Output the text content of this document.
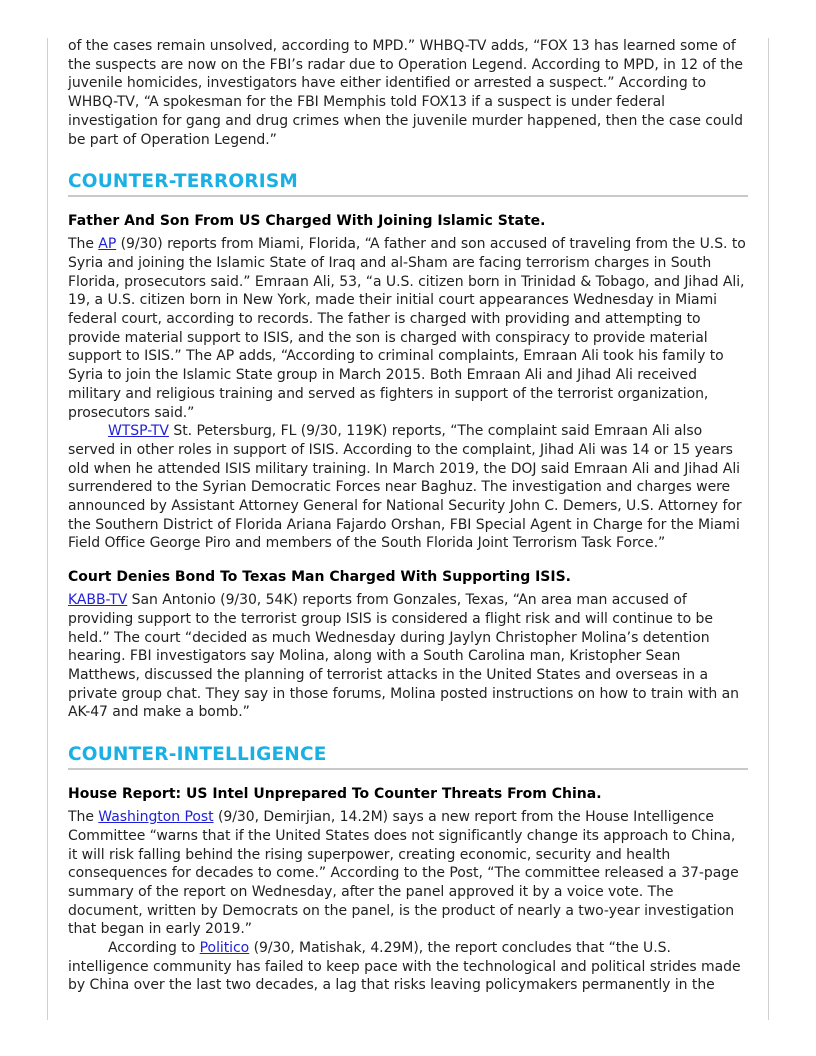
of the cases remain unsolved, according to MPD.” WHBQ-TV adds, “FOX 13 has learned some of the suspects are now on the FBI’s radar due to Operation Legend. According to MPD, in 12 of the juvenile homicides, investigators have either identified or arrested a suspect.” According to WHBQ-TV, “A spokesman for the FBI Memphis told FOX13 if a suspect is under federal investigation for gang and drug crimes when the juvenile murder happened, then the case could be part of Operation Legend.”

COUNTER-TERRORISM
Father And Son From US Charged With Joining Islamic State.

The AP (9/30) reports from Miami, Florida, “A father and son accused of traveling from the U.S. to Syria and joining the Islamic State of Iraq and al-Sham are facing terrorism charges in South Florida, prosecutors said.” Emraan Ali, 53, “a U.S. citizen born in Trinidad & Tobago, and Jihad Ali, 19, a U.S. citizen born in New York, made their initial court appearances Wednesday in Miami federal court, according to records. The father is charged with providing and attempting to provide material support to ISIS, and the son is charged with conspiracy to provide material support to ISIS.” The AP adds, “According to criminal complaints, Emraan Ali took his family to Syria to join the Islamic State group in March 2015. Both Emraan Ali and Jihad Ali received military and religious training and served as fighters in support of the terrorist organization, prosecutors said.”

WTSP-TV St. Petersburg, FL (9/30, 119K) reports, “The complaint said Emraan Ali also served in other roles in support of ISIS. According to the complaint, Jihad Ali was 14 or 15 years old when he attended ISIS military training. In March 2019, the DOJ said Emraan Ali and Jihad Ali surrendered to the Syrian Democratic Forces near Baghuz. The investigation and charges were announced by Assistant Attorney General for National Security John C. Demers, U.S. Attorney for the Southern District of Florida Ariana Fajardo Orshan, FBI Special Agent in Charge for the Miami Field Office George Piro and members of the South Florida Joint Terrorism Task Force.”

Court Denies Bond To Texas Man Charged With Supporting ISIS.

KABB-TV San Antonio (9/30, 54K) reports from Gonzales, Texas, “An area man accused of providing support to the terrorist group ISIS is considered a flight risk and will continue to be held.” The court “decided as much Wednesday during Jaylyn Christopher Molina’s detention hearing. FBI investigators say Molina, along with a South Carolina man, Kristopher Sean Matthews, discussed the planning of terrorist attacks in the United States and overseas in a private group chat. They say in those forums, Molina posted instructions on how to train with an AK-47 and make a bomb.”

COUNTER-INTELLIGENCE
House Report: US Intel Unprepared To Counter Threats From China.

The Washington Post (9/30, Demirjian, 14.2M) says a new report from the House Intelligence Committee “warns that if the United States does not significantly change its approach to China, it will risk falling behind the rising superpower, creating economic, security and health consequences for decades to come.” According to the Post, “The committee released a 37-page summary of the report on Wednesday, after the panel approved it by a voice vote. The document, written by Democrats on the panel, is the product of nearly a two-year investigation that began in early 2019.”

According to Politico (9/30, Matishak, 4.29M), the report concludes that “the U.S. intelligence community has failed to keep pace with the technological and political strides made by China over the last two decades, a lag that risks leaving policymakers permanently in the
